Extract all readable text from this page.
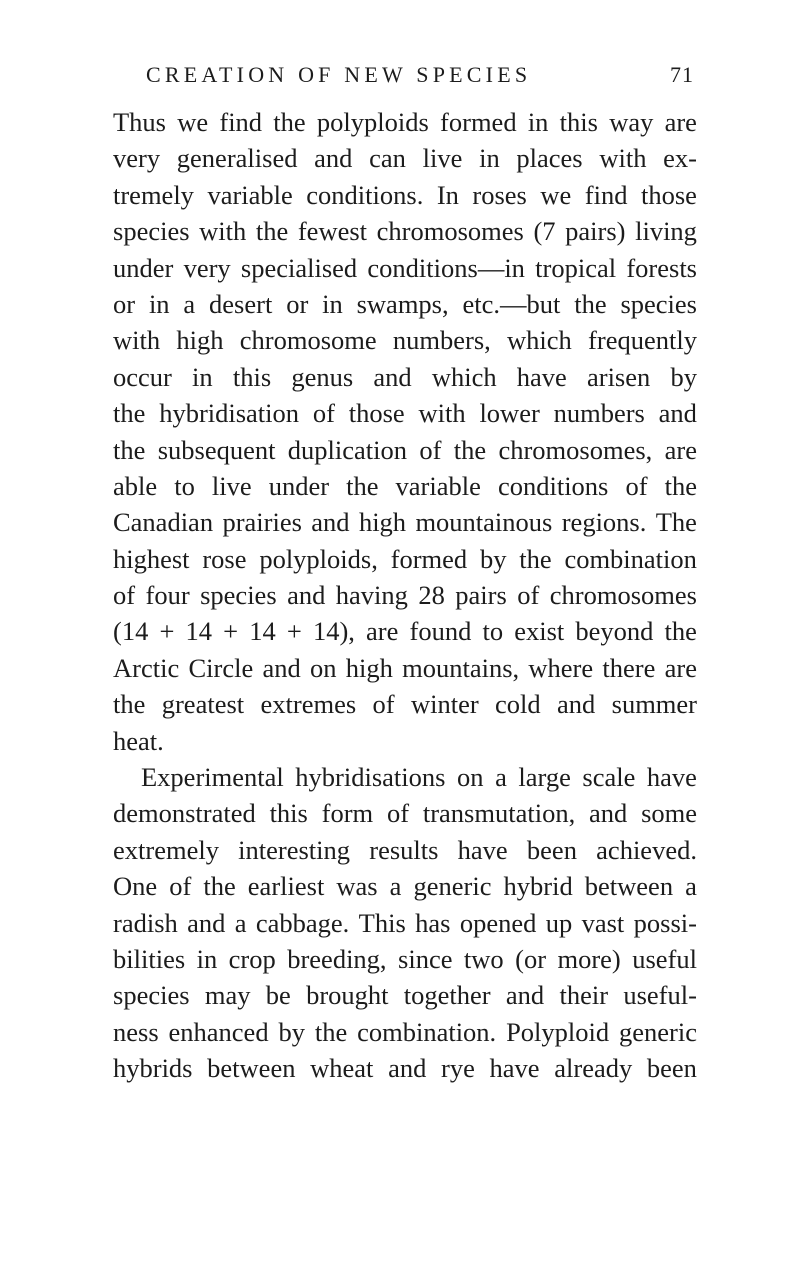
CREATION OF NEW SPECIES	71
Thus we find the polyploids formed in this way are
very generalised and can live in places with ex-
tremely variable conditions. In roses we find those
species with the fewest chromosomes (7 pairs) living
under very specialised conditions—in tropical forests
or in a desert or in swamps, etc.—but the species
with high chromosome numbers, which frequently
occur in this genus and which have arisen by
the hybridisation of those with lower numbers and
the subsequent duplication of the chromosomes, are
able to live under the variable conditions of the
Canadian prairies and high mountainous regions. The
highest rose polyploids, formed by the combination
of four species and having 28 pairs of chromosomes
(14 + 14 + 14 + 14), are found to exist beyond the
Arctic Circle and on high mountains, where there are
the greatest extremes of winter cold and summer
heat.
Experimental hybridisations on a large scale have
demonstrated this form of transmutation, and some
extremely interesting results have been achieved.
One of the earliest was a generic hybrid between a
radish and a cabbage. This has opened up vast possi-
bilities in crop breeding, since two (or more) useful
species may be brought together and their useful-
ness enhanced by the combination. Polyploid generic
hybrids between wheat and rye have already been
